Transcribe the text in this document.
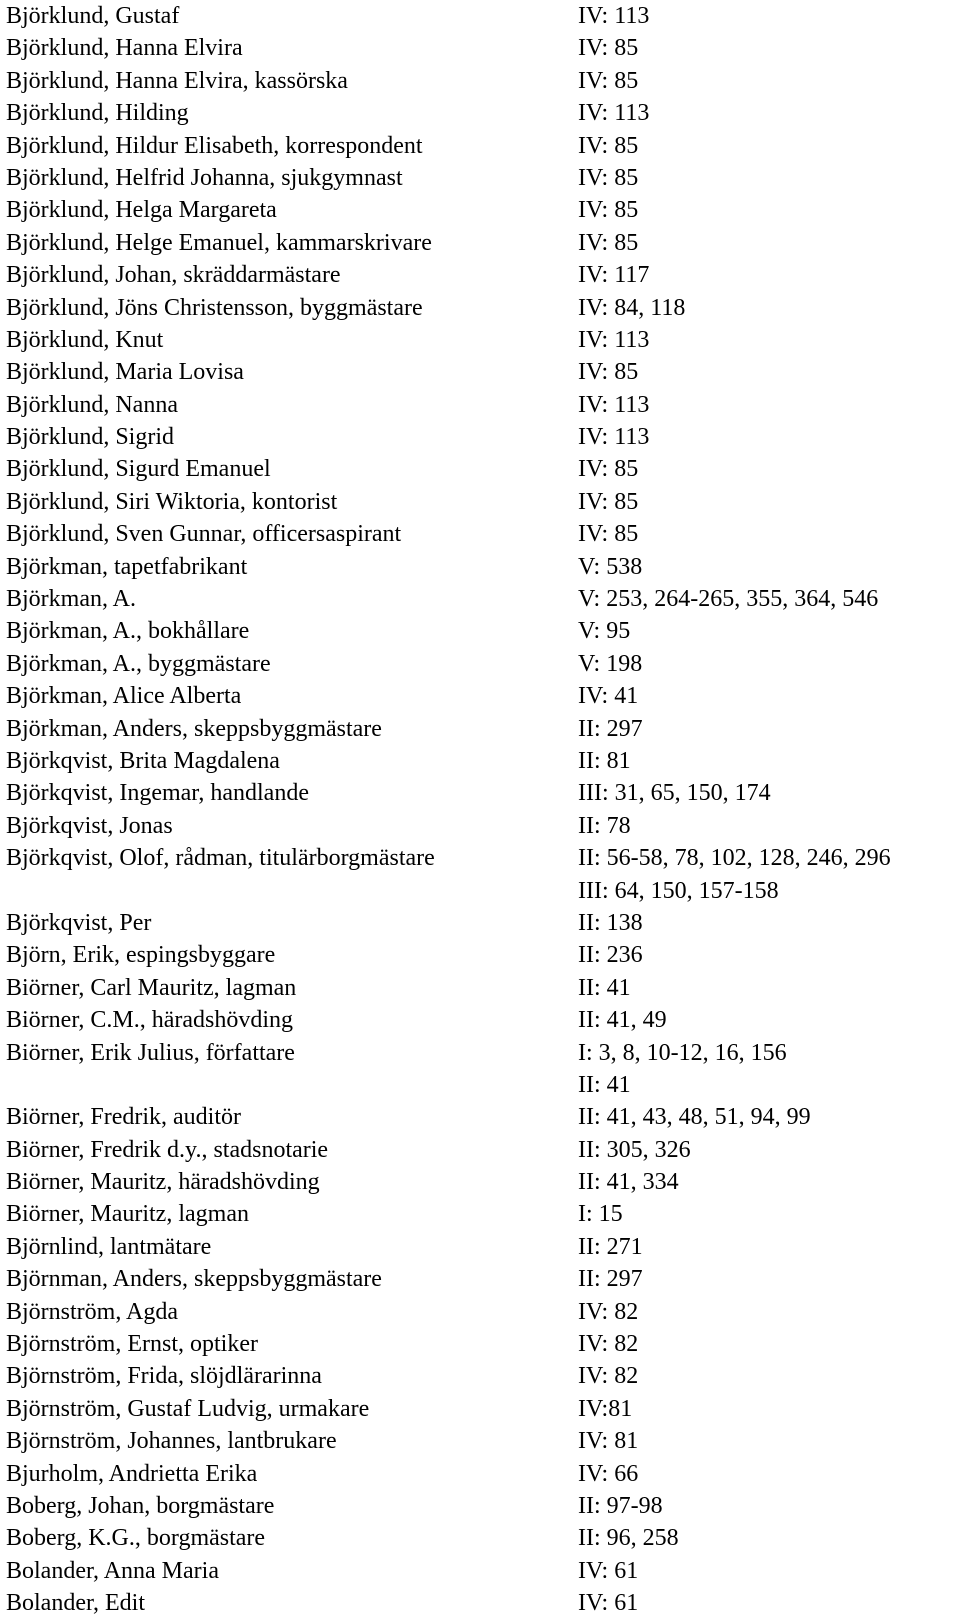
Björklund, Gustaf	IV: 113
Björklund, Hanna Elvira	IV: 85
Björklund, Hanna Elvira, kassörska	IV: 85
Björklund, Hilding	IV: 113
Björklund, Hildur Elisabeth, korrespondent	IV: 85
Björklund, Helfrid Johanna, sjukgymnast	IV: 85
Björklund, Helga Margareta	IV: 85
Björklund, Helge Emanuel, kammarskrivare	IV: 85
Björklund, Johan, skräddarmästare	IV: 117
Björklund, Jöns Christensson, byggmästare	IV: 84, 118
Björklund, Knut	IV: 113
Björklund, Maria Lovisa	IV: 85
Björklund, Nanna	IV: 113
Björklund, Sigrid	IV: 113
Björklund, Sigurd Emanuel	IV: 85
Björklund, Siri Wiktoria, kontorist	IV: 85
Björklund, Sven Gunnar, officersaspirant	IV: 85
Björkman, tapetfabrikant	V: 538
Björkman, A.	V: 253, 264-265, 355, 364, 546
Björkman, A., bokhållare	V: 95
Björkman, A., byggmästare	V: 198
Björkman, Alice Alberta	IV: 41
Björkman, Anders, skeppsbyggmästare	II: 297
Björkqvist, Brita Magdalena	II: 81
Björkqvist, Ingemar, handlande	III: 31, 65, 150, 174
Björkqvist, Jonas	II: 78
Björkqvist, Olof, rådman, titulärborgmästare	II: 56-58, 78, 102, 128, 246, 296
III: 64, 150, 157-158
Björkqvist, Per	II: 138
Björn, Erik, espingsbyggare	II: 236
Biörner, Carl Mauritz, lagman	II: 41
Biörner, C.M., häradshövding	II: 41, 49
Biörner, Erik Julius, författare	I: 3, 8, 10-12, 16, 156
II: 41
Biörner, Fredrik, auditör	II: 41, 43, 48, 51, 94, 99
Biörner, Fredrik d.y., stadsnotarie	II: 305, 326
Biörner, Mauritz, häradshövding	II: 41, 334
Biörner, Mauritz, lagman	I: 15
Björnlind, lantmätare	II: 271
Björnman, Anders, skeppsbyggmästare	II: 297
Björnström, Agda	IV: 82
Björnström, Ernst, optiker	IV: 82
Björnström, Frida, slöjdlärarinna	IV: 82
Björnström, Gustaf Ludvig, urmakare	IV:81
Björnström, Johannes, lantbrukare	IV: 81
Bjurholm, Andrietta Erika	IV: 66
Boberg, Johan, borgmästare	II: 97-98
Boberg, K.G., borgmästare	II: 96, 258
Bolander, Anna Maria	IV: 61
Bolander, Edit	IV: 61
